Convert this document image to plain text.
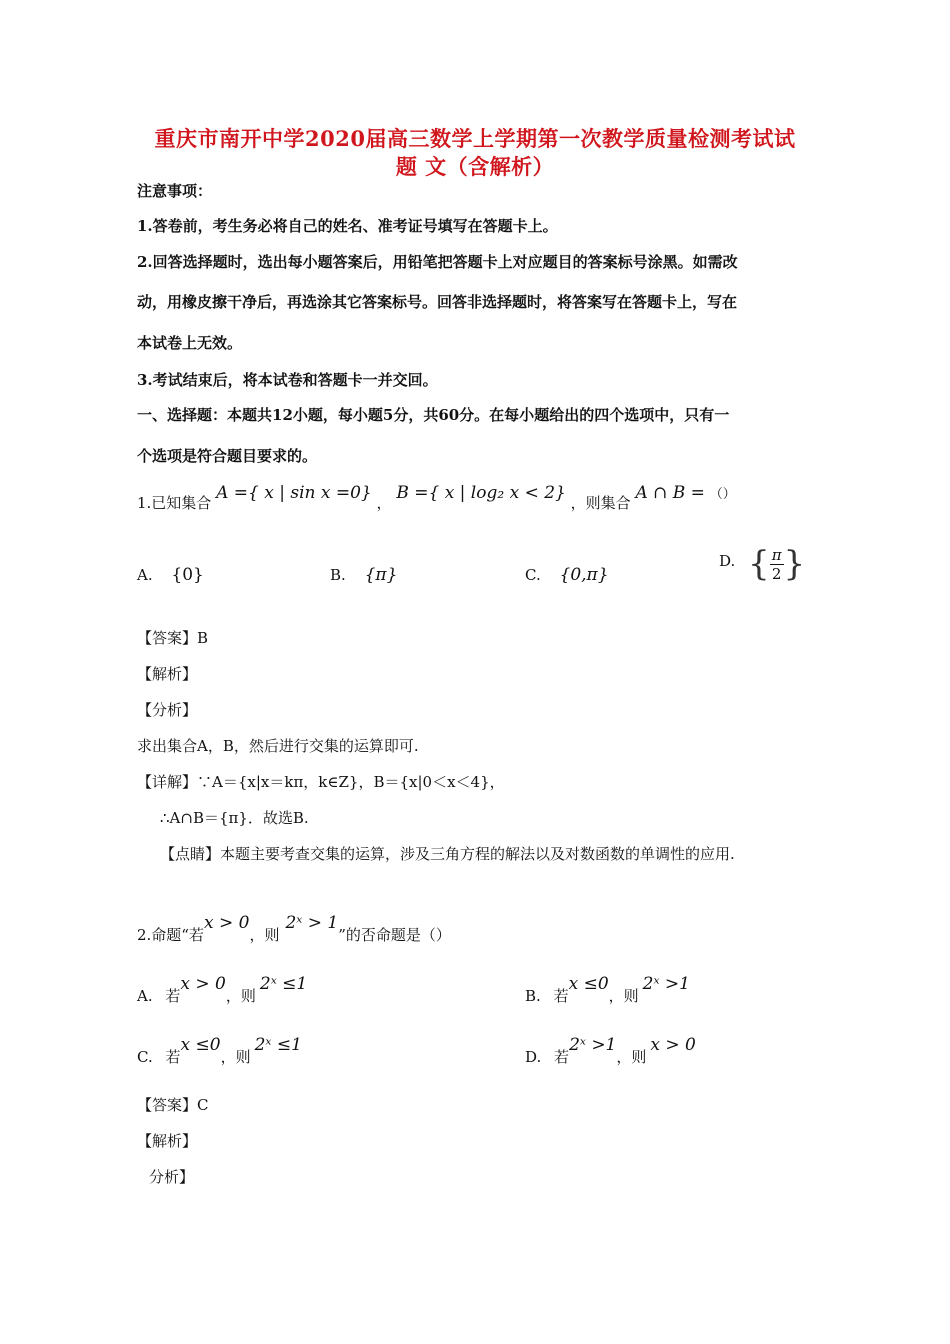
重庆市南开中学2020届高三数学上学期第一次教学质量检测考试试
题 文（含解析）
注意事项：
1.答卷前，考生务必将自己的姓名、准考证号填写在答题卡上。
2.回答选择题时，选出每小题答案后，用铅笔把答题卡上对应题目的答案标号涂黑。如需改
动，用橡皮擦干净后，再选涂其它答案标号。回答非选择题时，将答案写在答题卡上，写在
本试卷上无效。
3.考试结束后，将本试卷和答题卡一并交回。
一、选择题：本题共12小题，每小题5分，共60分。在每小题给出的四个选项中，只有一
个选项是符合题目要求的。
1.已知集合 A ={ x | sin x =0} ， B ={ x | log₂ x < 2} ，则集合 A ∩ B = （）
A. {0}	B. {π}	C. {0,π}
D. { $\frac{\pi}{2}$ }
【答案】B
【解析】
【分析】
求出集合A，B，然后进行交集的运算即可.
【详解】∵A＝{x|x＝kπ，k∈Z}，B＝{x|0＜x＜4}，
∴A∩B＝{π}．故选B.
【点睛】本题主要考查交集的运算，涉及三角方程的解法以及对数函数的单调性的应用.
2.命题“若x > 0，则2ˣ > 1”的否命题是（）
A. 若x > 0，则2ˣ ≤1
B. 若x ≤0，则2ˣ >1
C. 若x ≤0，则2ˣ ≤1
D. 若2ˣ >1，则x > 0
【答案】C
【解析】
分析】
